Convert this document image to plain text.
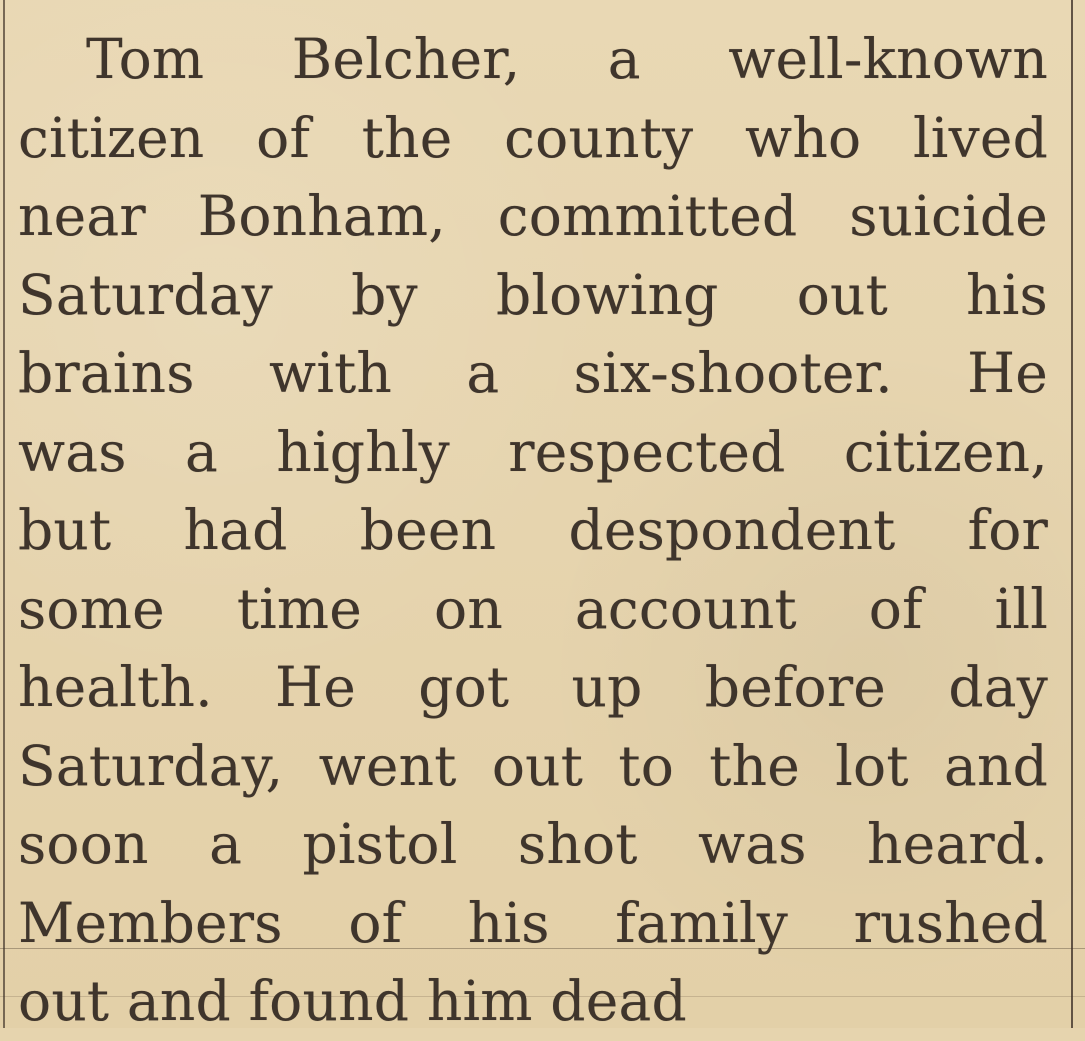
Tom Belcher, a well-known
citizen of the county who lived
near Bonham, committed suicide
Saturday by blowing out his
brains with a six-shooter. He
was a highly respected citizen,
but had been despondent for
some time on account of ill
health. He got up before day
Saturday, went out to the lot and
soon a pistol shot was heard.
Members of his family rushed
out and found him dead
